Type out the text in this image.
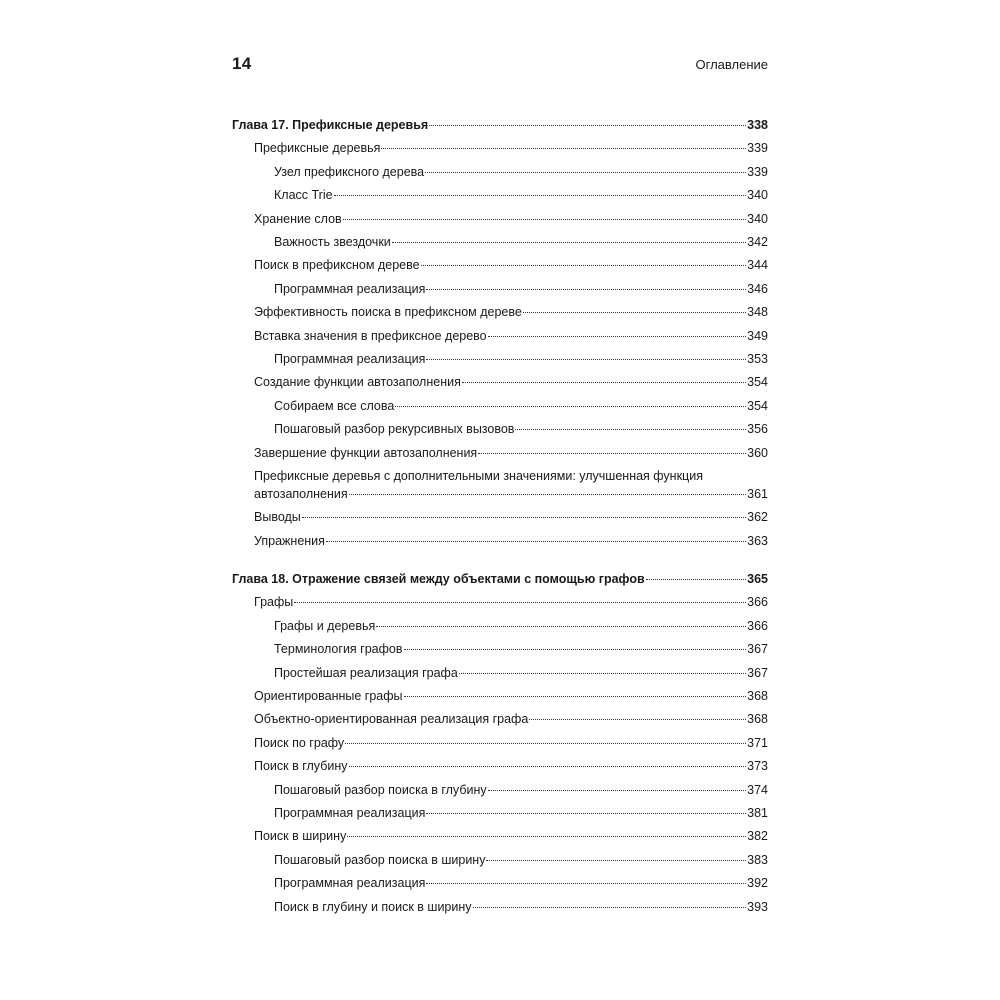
14	Оглавление
Глава 17. Префиксные деревья	338
Префиксные деревья	339
Узел префиксного дерева	339
Класс Trie	340
Хранение слов	340
Важность звездочки	342
Поиск в префиксном дереве	344
Программная реализация	346
Эффективность поиска в префиксном дереве	348
Вставка значения в префиксное дерево	349
Программная реализация	353
Создание функции автозаполнения	354
Собираем все слова	354
Пошаговый разбор рекурсивных вызовов	356
Завершение функции автозаполнения	360
Префиксные деревья с дополнительными значениями: улучшенная функция
автозаполнения	361
Выводы	362
Упражнения	363
Глава 18. Отражение связей между объектами с помощью графов	365
Графы	366
Графы и деревья	366
Терминология графов	367
Простейшая реализация графа	367
Ориентированные графы	368
Объектно-ориентированная реализация графа	368
Поиск по графу	371
Поиск в глубину	373
Пошаговый разбор поиска в глубину	374
Программная реализация	381
Поиск в ширину	382
Пошаговый разбор поиска в ширину	383
Программная реализация	392
Поиск в глубину и поиск в ширину	393
